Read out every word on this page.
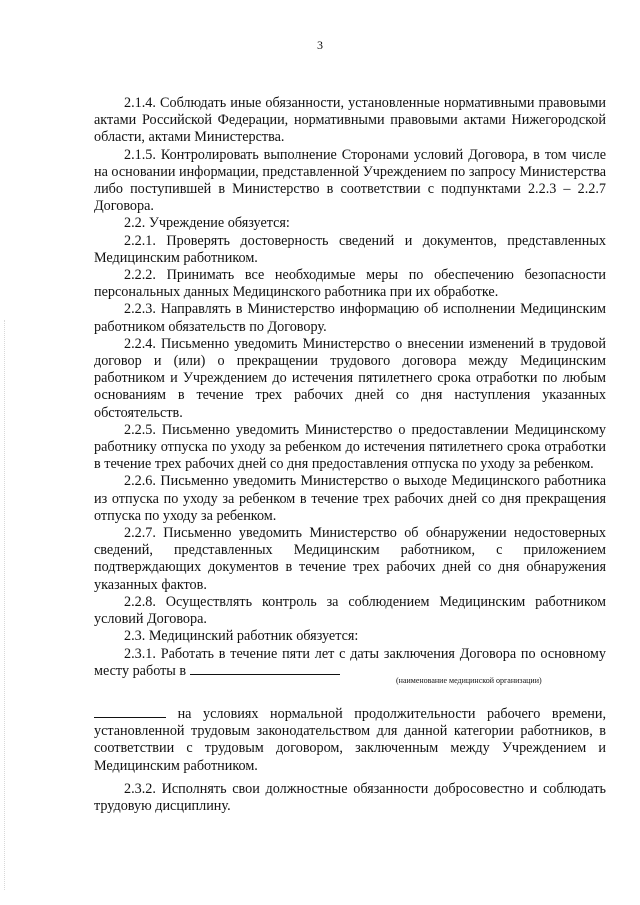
3

2.1.4. Соблюдать иные обязанности, установленные нормативными правовыми актами Российской Федерации, нормативными правовыми актами Нижегородской области, актами Министерства.

2.1.5. Контролировать выполнение Сторонами условий Договора, в том числе на основании информации, представленной Учреждением по запросу Министерства либо поступившей в Министерство в соответствии с подпунктами 2.2.3 – 2.2.7 Договора.

2.2. Учреждение обязуется:

2.2.1. Проверять достоверность сведений и документов, представленных Медицинским работником.

2.2.2. Принимать все необходимые меры по обеспечению безопасности персональных данных Медицинского работника при их обработке.

2.2.3. Направлять в Министерство информацию об исполнении Медицинским работником обязательств по Договору.

2.2.4. Письменно уведомить Министерство о внесении изменений в трудовой договор и (или) о прекращении трудового договора между Медицинским работником и Учреждением до истечения пятилетнего срока отработки по любым основаниям в течение трех рабочих дней со дня наступления указанных обстоятельств.

2.2.5. Письменно уведомить Министерство о предоставлении Медицинскому работнику отпуска по уходу за ребенком до истечения пятилетнего срока отработки в течение трех рабочих дней со дня предоставления отпуска по уходу за ребенком.

2.2.6. Письменно уведомить Министерство о выходе Медицинского работника из отпуска по уходу за ребенком в течение трех рабочих дней со дня прекращения отпуска по уходу за ребенком.

2.2.7. Письменно уведомить Министерство об обнаружении недостоверных сведений, представленных Медицинским работником, с приложением подтверждающих документов в течение трех рабочих дней со дня обнаружения указанных фактов.

2.2.8. Осуществлять контроль за соблюдением Медицинским работником условий Договора.

2.3. Медицинский работник обязуется:

2.3.1. Работать в течение пяти лет с даты заключения Договора по основному месту работы в

(наименование медицинской организации)

на условиях нормальной продолжительности рабочего времени, установленной трудовым законодательством для данной категории работников, в соответствии с трудовым договором, заключенным между Учреждением и Медицинским работником.

2.3.2. Исполнять свои должностные обязанности добросовестно и соблюдать трудовую дисциплину.
